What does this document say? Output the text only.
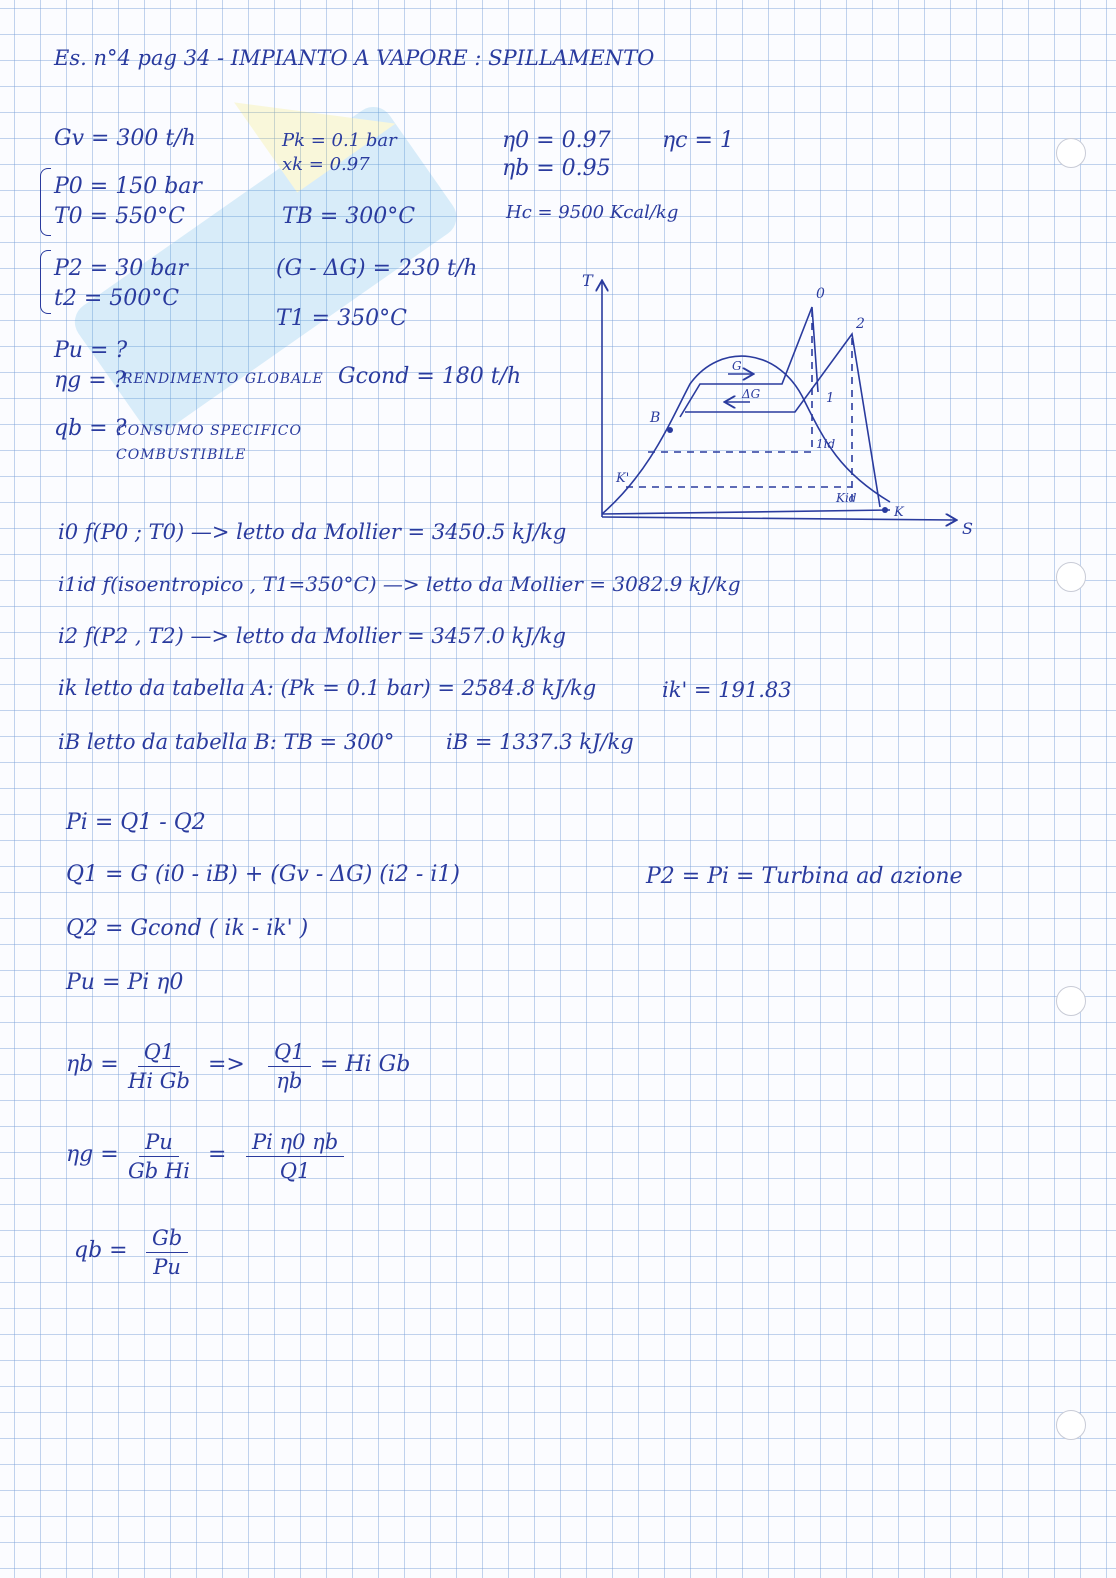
Es. n°4 pag 34 - IMPIANTO A VAPORE : SPILLAMENTO
Gv = 300 t/h
P0 = 150 bar
T0 = 550°C
P2 = 30 bar
t2 = 500°C
Pk = 0.1 bar
xk = 0.97
TB = 300°C
(G - ΔG) = 230 t/h
T1 = 350°C
η0 = 0.97
ηb = 0.95
ηc = 1
Hc = 9500 Kcal/kg
Gcond = 180 t/h
Pu = ?
ηg = ?
RENDIMENTO GLOBALE
qb = ?
CONSUMO SPECIFICO
COMBUSTIBILE
T
S
0
2
1
1id
Kid
K
K'
B
G
ΔG
i0 f(P0 ; T0) —> letto da Mollier = 3450.5 kJ/kg
i1id f(isoentropico , T1=350°C) —> letto da Mollier = 3082.9 kJ/kg
i2 f(P2 , T2) —> letto da Mollier = 3457.0 kJ/kg
ik letto da tabella A: (Pk = 0.1 bar) = 2584.8 kJ/kg	ik' = 191.83
iB letto da tabella B: TB = 300° iB = 1337.3 kJ/kg
Pi = Q1 - Q2
Q1 = G (i0 - iB) + (Gv - ΔG) (i2 - i1)	P2 = Pi = Turbina ad azione
Q2 = Gcond ( ik - ik' )
Pu = Pi η0
$\eta b = \frac{Q1}{\text{Hi Gb}} => \frac{Q1}{\eta b} = Hi$ Gb
$\eta g = \frac{Pu}{\text{Gb Hi}} = \frac{\text{Pi η0 ηb}}{Q1}$
qb = $\frac{Gb}{Pu}$
